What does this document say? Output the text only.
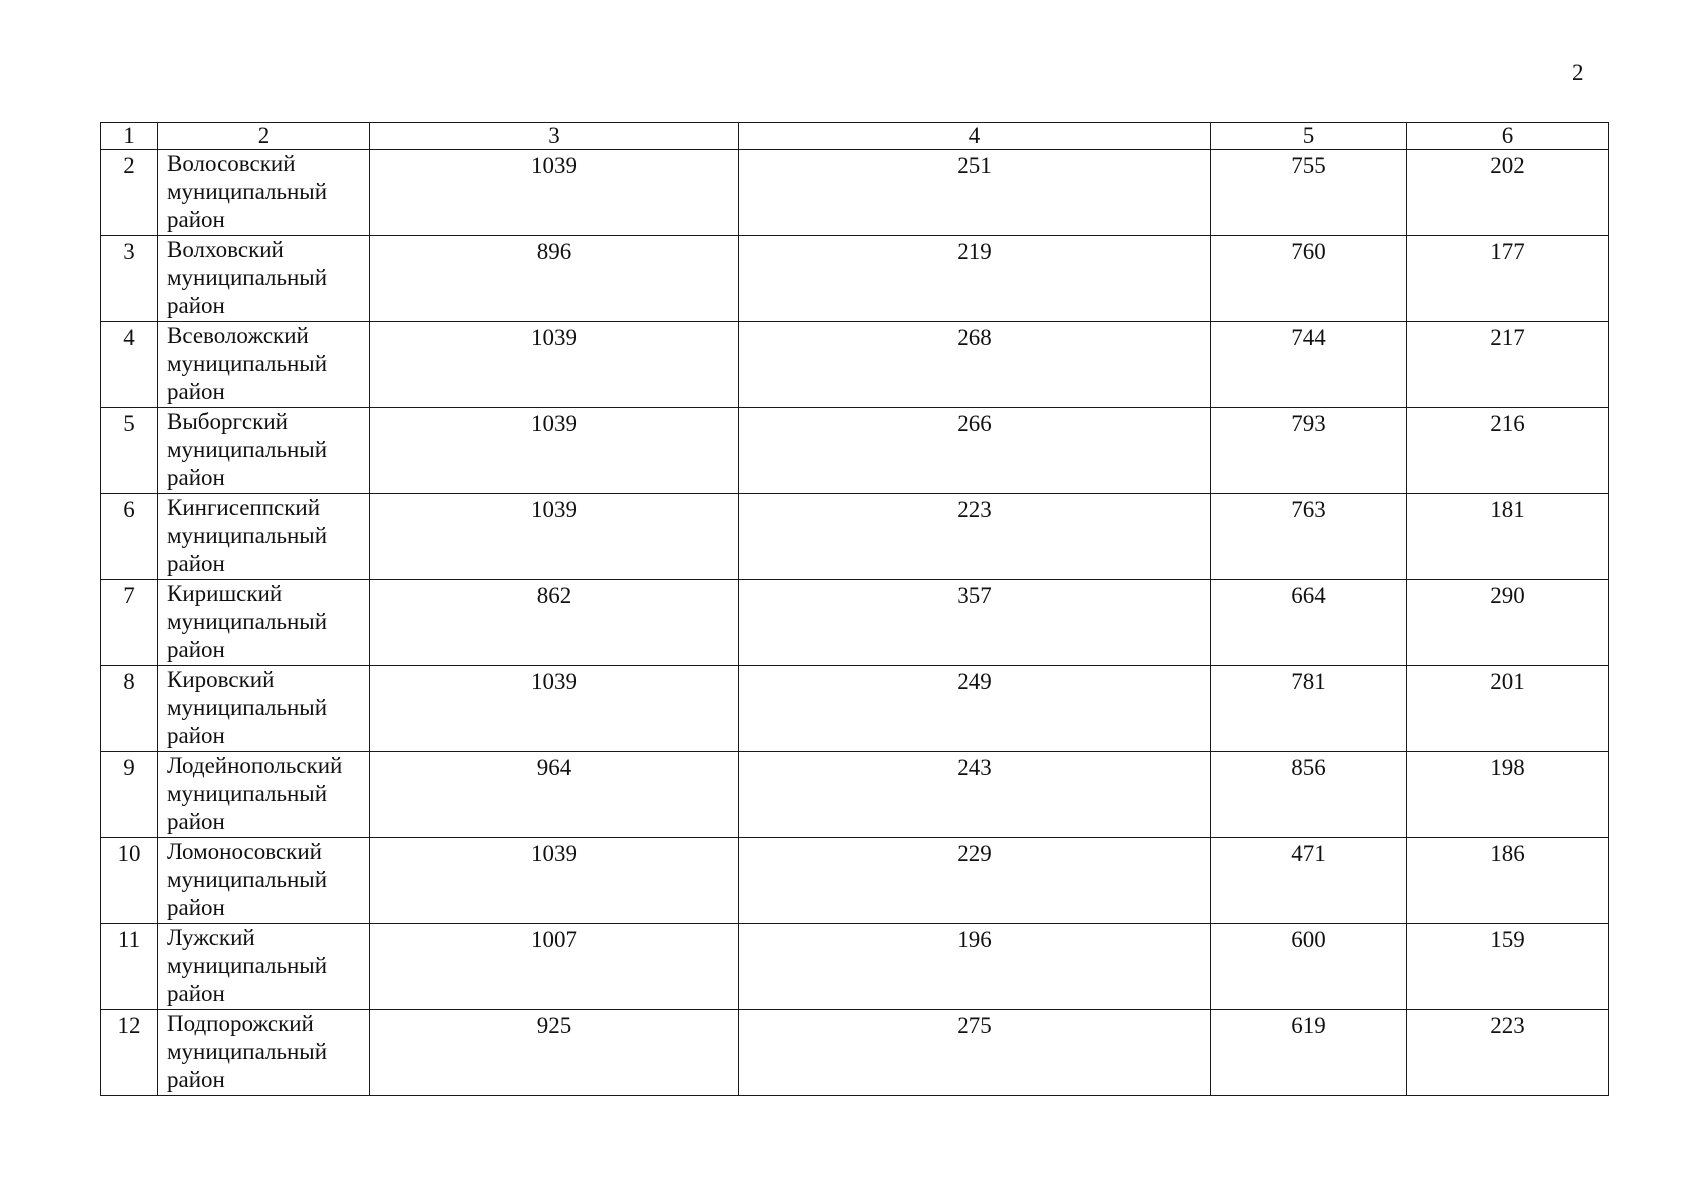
2
1	2	3	4	5	6

2	Волосовский
муниципальный
район	1039	251	755	202

3	Волховский
муниципальный
район	896	219	760	177

4	Всеволожский
муниципальный
район	1039	268	744	217

5	Выборгский
муниципальный
район	1039	266	793	216

6	Кингисеппский
муниципальный
район	1039	223	763	181

7	Киришский
муниципальный
район	862	357	664	290

8	Кировский
муниципальный
район	1039	249	781	201

9	Лодейнопольский
муниципальный
район	964	243	856	198

10	Ломоносовский
муниципальный
район	1039	229	471	186

11	Лужский
муниципальный
район	1007	196	600	159

12	Подпорожский
муниципальный
район	925	275	619	223
